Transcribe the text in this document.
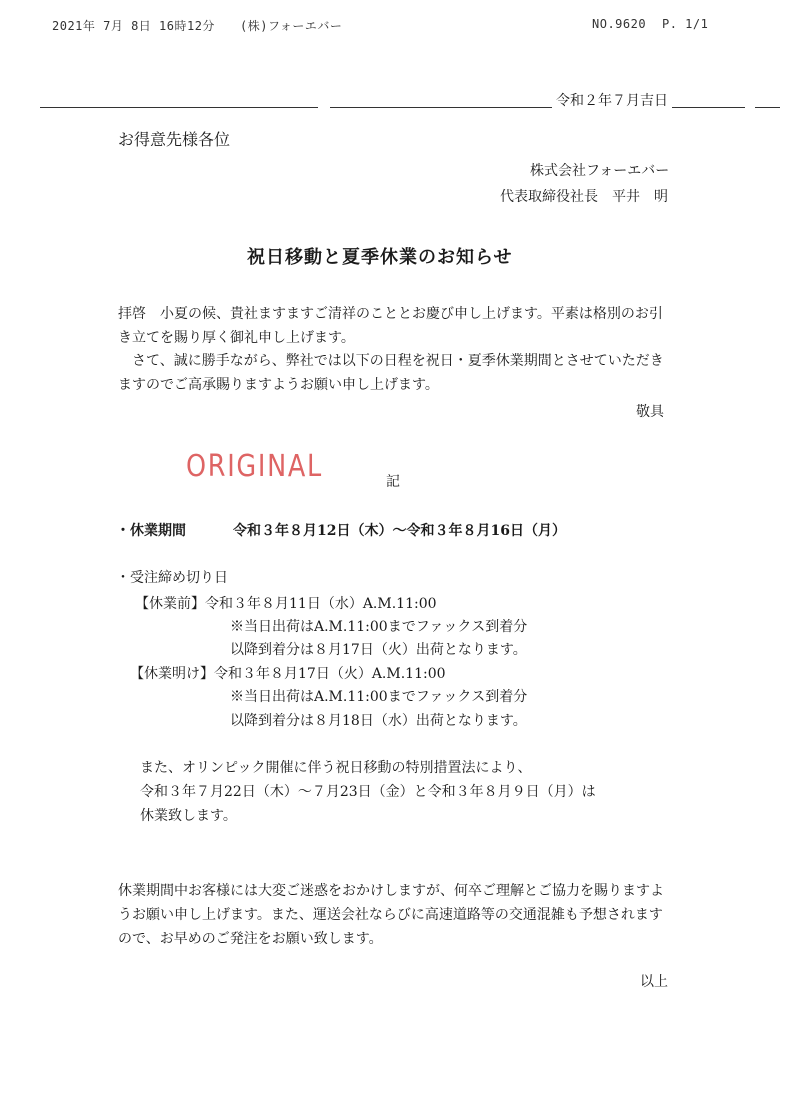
2021年 7月 8日 16時12分 (株)フォーエバー	NO.9620 P. 1/1
令和２年７月吉日
お得意先様各位
株式会社フォーエバー
代表取締役社長　平井　明
祝日移動と夏季休業のお知らせ
拝啓　小夏の候、貴社ますますご清祥のこととお慶び申し上げます。平素は格別のお引
き立てを賜り厚く御礼申し上げます。
　さて、誠に勝手ながら、弊社では以下の日程を祝日・夏季休業期間とさせていただき
ますのでご高承賜りますようお願い申し上げます。
敬具
ORIGINAL	記
・休業期間	令和３年８月12日（木）～令和３年８月16日（月）
・受注締め切り日
【休業前】令和３年８月11日（水）A.M.11:00
※当日出荷はA.M.11:00までファックス到着分
以降到着分は８月17日（火）出荷となります。
【休業明け】令和３年８月17日（火）A.M.11:00
※当日出荷はA.M.11:00までファックス到着分
以降到着分は８月18日（水）出荷となります。
また、オリンピック開催に伴う祝日移動の特別措置法により、
令和３年７月22日（木）～７月23日（金）と令和３年８月９日（月）は
休業致します。
休業期間中お客様には大変ご迷惑をおかけしますが、何卒ご理解とご協力を賜りますよ
うお願い申し上げます。また、運送会社ならびに高速道路等の交通混雑も予想されます
ので、お早めのご発注をお願い致します。
以上
